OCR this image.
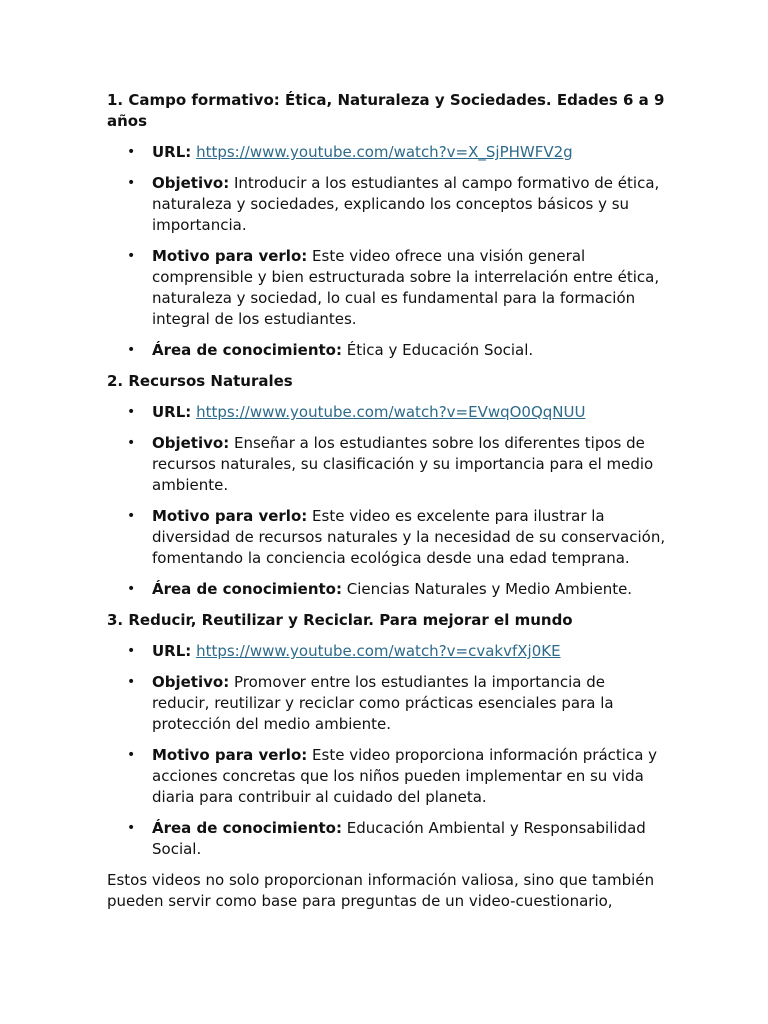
1. Campo formativo: Ética, Naturaleza y Sociedades. Edades 6 a 9 años

• URL: https://www.youtube.com/watch?v=X_SjPHWFV2g
• Objetivo: Introducir a los estudiantes al campo formativo de ética, naturaleza y sociedades, explicando los conceptos básicos y su importancia.
• Motivo para verlo: Este video ofrece una visión general comprensible y bien estructurada sobre la interrelación entre ética, naturaleza y sociedad, lo cual es fundamental para la formación integral de los estudiantes.
• Área de conocimiento: Ética y Educación Social.

2. Recursos Naturales

• URL: https://www.youtube.com/watch?v=EVwqO0QqNUU
• Objetivo: Enseñar a los estudiantes sobre los diferentes tipos de recursos naturales, su clasificación y su importancia para el medio ambiente.
• Motivo para verlo: Este video es excelente para ilustrar la diversidad de recursos naturales y la necesidad de su conservación, fomentando la conciencia ecológica desde una edad temprana.
• Área de conocimiento: Ciencias Naturales y Medio Ambiente.

3. Reducir, Reutilizar y Reciclar. Para mejorar el mundo

• URL: https://www.youtube.com/watch?v=cvakvfXj0KE
• Objetivo: Promover entre los estudiantes la importancia de reducir, reutilizar y reciclar como prácticas esenciales para la protección del medio ambiente.
• Motivo para verlo: Este video proporciona información práctica y acciones concretas que los niños pueden implementar en su vida diaria para contribuir al cuidado del planeta.
• Área de conocimiento: Educación Ambiental y Responsabilidad Social.

Estos videos no solo proporcionan información valiosa, sino que también pueden servir como base para preguntas de un video-cuestionario,
